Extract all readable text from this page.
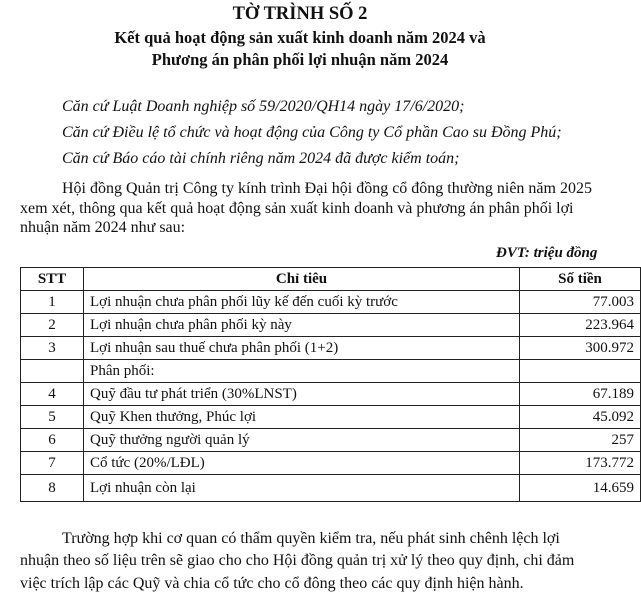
TỜ TRÌNH SỐ 2
Kết quả hoạt động sản xuất kinh doanh năm 2024 và
Phương án phân phối lợi nhuận năm 2024
Căn cứ Luật Doanh nghiệp số 59/2020/QH14 ngày 17/6/2020;
Căn cứ Điều lệ tổ chức và hoạt động của Công ty Cổ phần Cao su Đồng Phú;
Căn cứ Báo cáo tài chính riêng năm 2024 đã được kiểm toán;
Hội đồng Quản trị Công ty kính trình Đại hội đồng cổ đông thường niên năm 2025
xem xét, thông qua kết quả hoạt động sản xuất kinh doanh và phương án phân phối lợi
nhuận năm 2024 như sau:
ĐVT: triệu đồng
STT	Chỉ tiêu	Số tiền
1	Lợi nhuận chưa phân phối lũy kế đến cuối kỳ trước	77.003
2	Lợi nhuận chưa phân phối kỳ này	223.964
3	Lợi nhuận sau thuế chưa phân phối (1+2)	300.972
	Phân phối:	
4	Quỹ đầu tư phát triển (30%LNST)	67.189
5	Quỹ Khen thưởng, Phúc lợi	45.092
6	Quỹ thưởng người quản lý	257
7	Cổ tức (20%/LĐL)	173.772
8	Lợi nhuận còn lại	14.659
Trường hợp khi cơ quan có thẩm quyền kiểm tra, nếu phát sinh chênh lệch lợi
nhuận theo số liệu trên sẽ giao cho cho Hội đồng quản trị xử lý theo quy định, chi đảm
việc trích lập các Quỹ và chia cổ tức cho cổ đông theo các quy định hiện hành.
